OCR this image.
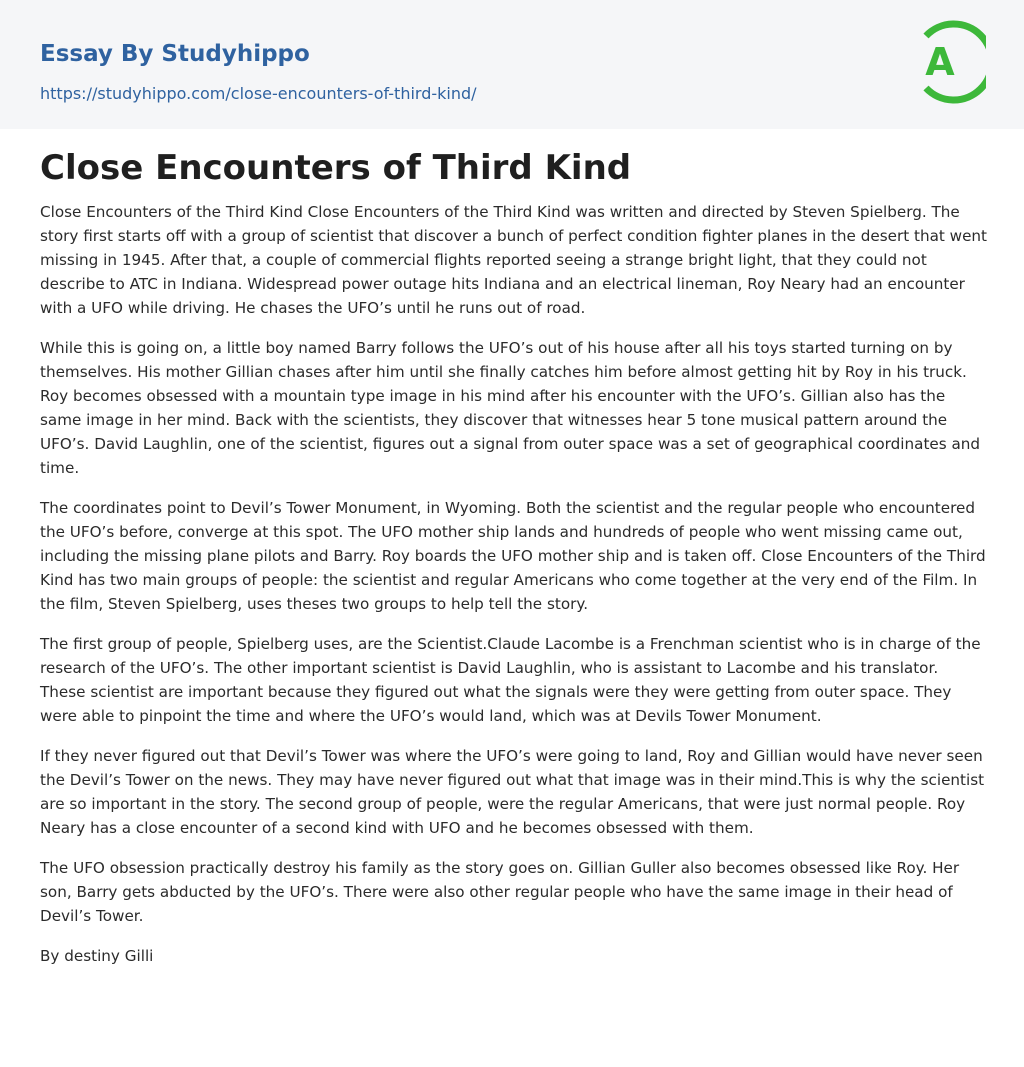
Essay By Studyhippo
https://studyhippo.com/close-encounters-of-third-kind/
A
Close Encounters of Third Kind

Close Encounters of the Third Kind Close Encounters of the Third Kind was written and directed by Steven Spielberg. The story first starts off with a group of scientist that discover a bunch of perfect condition fighter planes in the desert that went missing in 1945. After that, a couple of commercial flights reported seeing a strange bright light, that they could not describe to ATC in Indiana. Widespread power outage hits Indiana and an electrical lineman, Roy Neary had an encounter with a UFO while driving. He chases the UFO’s until he runs out of road.

While this is going on, a little boy named Barry follows the UFO’s out of his house after all his toys started turning on by themselves. His mother Gillian chases after him until she finally catches him before almost getting hit by Roy in his truck. Roy becomes obsessed with a mountain type image in his mind after his encounter with the UFO’s. Gillian also has the same image in her mind. Back with the scientists, they discover that witnesses hear 5 tone musical pattern around the UFO’s. David Laughlin, one of the scientist, figures out a signal from outer space was a set of geographical coordinates and time.

The coordinates point to Devil’s Tower Monument, in Wyoming. Both the scientist and the regular people who encountered the UFO’s before, converge at this spot. The UFO mother ship lands and hundreds of people who went missing came out, including the missing plane pilots and Barry. Roy boards the UFO mother ship and is taken off. Close Encounters of the Third Kind has two main groups of people: the scientist and regular Americans who come together at the very end of the Film. In the film, Steven Spielberg, uses theses two groups to help tell the story.

The first group of people, Spielberg uses, are the Scientist.Claude Lacombe is a Frenchman scientist who is in charge of the research of the UFO’s. The other important scientist is David Laughlin, who is assistant to Lacombe and his translator. These scientist are important because they figured out what the signals were they were getting from outer space. They were able to pinpoint the time and where the UFO’s would land, which was at Devils Tower Monument.

If they never figured out that Devil’s Tower was where the UFO’s were going to land, Roy and Gillian would have never seen the Devil’s Tower on the news. They may have never figured out what that image was in their mind.This is why the scientist are so important in the story. The second group of people, were the regular Americans, that were just normal people. Roy Neary has a close encounter of a second kind with UFO and he becomes obsessed with them.

The UFO obsession practically destroy his family as the story goes on. Gillian Guller also becomes obsessed like Roy. Her son, Barry gets abducted by the UFO’s. There were also other regular people who have the same image in their head of Devil’s Tower.

By destiny Gilli
